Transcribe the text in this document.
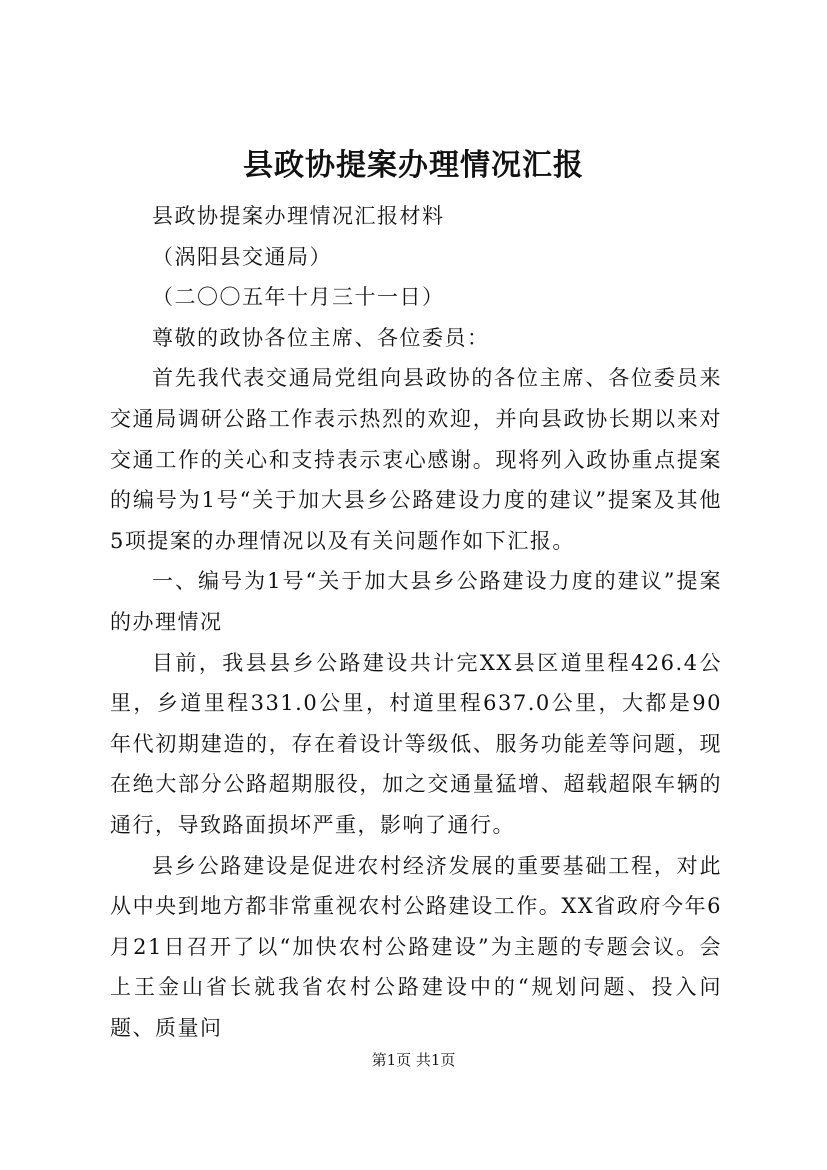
县政协提案办理情况汇报

县政协提案办理情况汇报材料

（涡阳县交通局）

（二〇〇五年十月三十一日）

尊敬的政协各位主席、各位委员：

首先我代表交通局党组向县政协的各位主席、各位委员来交通局调研公路工作表示热烈的欢迎，并向县政协长期以来对交通工作的关心和支持表示衷心感谢。现将列入政协重点提案的编号为1号“关于加大县乡公路建设力度的建议”提案及其他5项提案的办理情况以及有关问题作如下汇报。

一、编号为1号“关于加大县乡公路建设力度的建议”提案的办理情况

目前，我县县乡公路建设共计完XX县区道里程426.4公里，乡道里程331.0公里，村道里程637.0公里，大都是90年代初期建造的，存在着设计等级低、服务功能差等问题，现在绝大部分公路超期服役，加之交通量猛增、超载超限车辆的通行，导致路面损坏严重，影响了通行。

县乡公路建设是促进农村经济发展的重要基础工程，对此从中央到地方都非常重视农村公路建设工作。XX省政府今年6月21日召开了以“加快农村公路建设”为主题的专题会议。会上王金山省长就我省农村公路建设中的“规划问题、投入问题、质量问

第1页 共1页
